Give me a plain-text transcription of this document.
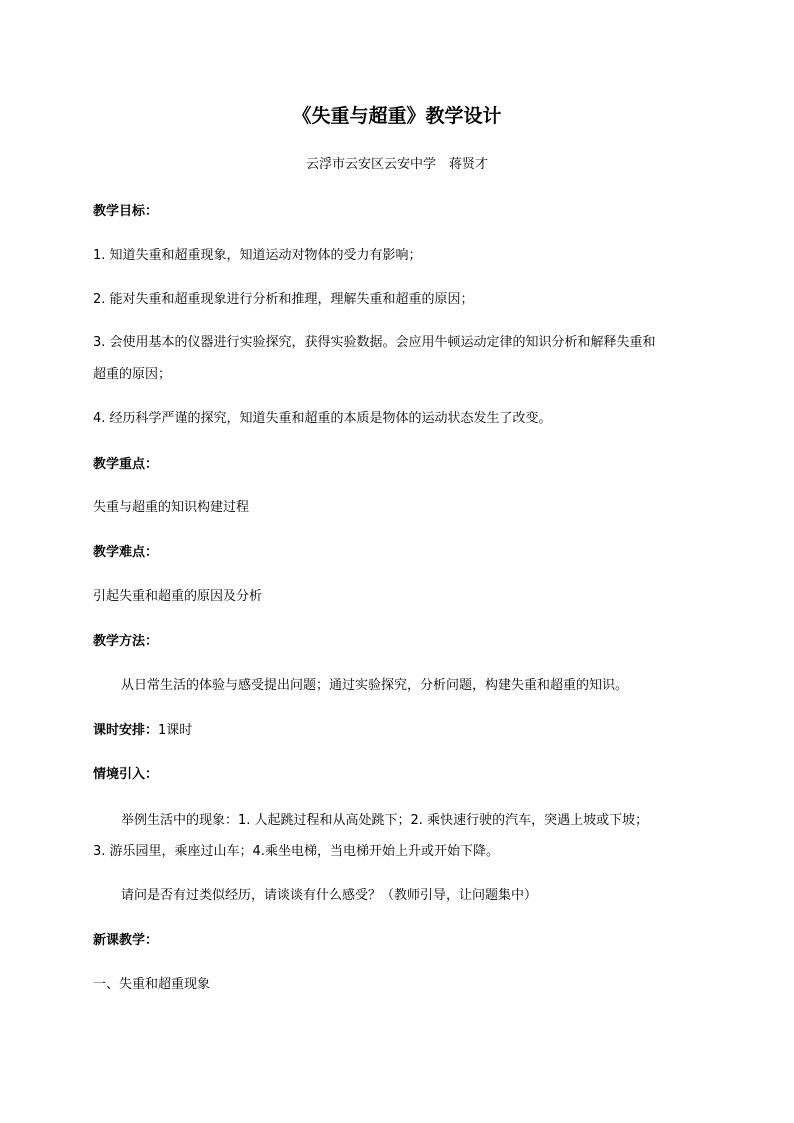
《失重与超重》教学设计
云浮市云安区云安中学　蒋贤才
教学目标：
1. 知道失重和超重现象，知道运动对物体的受力有影响；
2. 能对失重和超重现象进行分析和推理，理解失重和超重的原因；
3. 会使用基本的仪器进行实验探究，获得实验数据。会应用牛顿运动定律的知识分析和解释失重和
超重的原因；
4. 经历科学严谨的探究，知道失重和超重的本质是物体的运动状态发生了改变。
教学重点：
失重与超重的知识构建过程
教学难点：
引起失重和超重的原因及分析
教学方法：
从日常生活的体验与感受提出问题；通过实验探究，分析问题，构建失重和超重的知识。
课时安排：1课时
情境引入：
举例生活中的现象：1. 人起跳过程和从高处跳下；2. 乘快速行驶的汽车，突遇上坡或下坡；
3. 游乐园里，乘座过山车；4.乘坐电梯，当电梯开始上升或开始下降。
请问是否有过类似经历，请谈谈有什么感受？（教师引导，让问题集中）
新课教学：
一、失重和超重现象
